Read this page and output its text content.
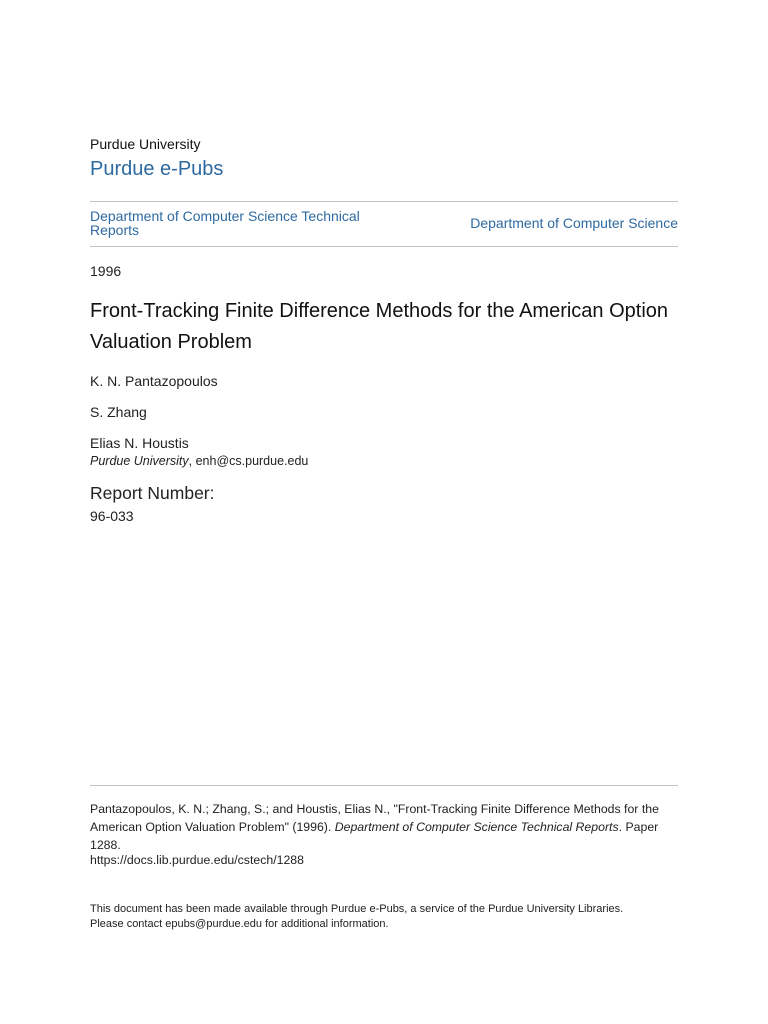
Purdue University
Purdue e-Pubs
Department of Computer Science Technical Reports	Department of Computer Science
1996
Front-Tracking Finite Difference Methods for the American Option Valuation Problem
K. N. Pantazopoulos
S. Zhang
Elias N. Houstis
Purdue University, enh@cs.purdue.edu
Report Number:
96-033
Pantazopoulos, K. N.; Zhang, S.; and Houstis, Elias N., "Front-Tracking Finite Difference Methods for the American Option Valuation Problem" (1996). Department of Computer Science Technical Reports. Paper 1288.
https://docs.lib.purdue.edu/cstech/1288
This document has been made available through Purdue e-Pubs, a service of the Purdue University Libraries.
Please contact epubs@purdue.edu for additional information.
